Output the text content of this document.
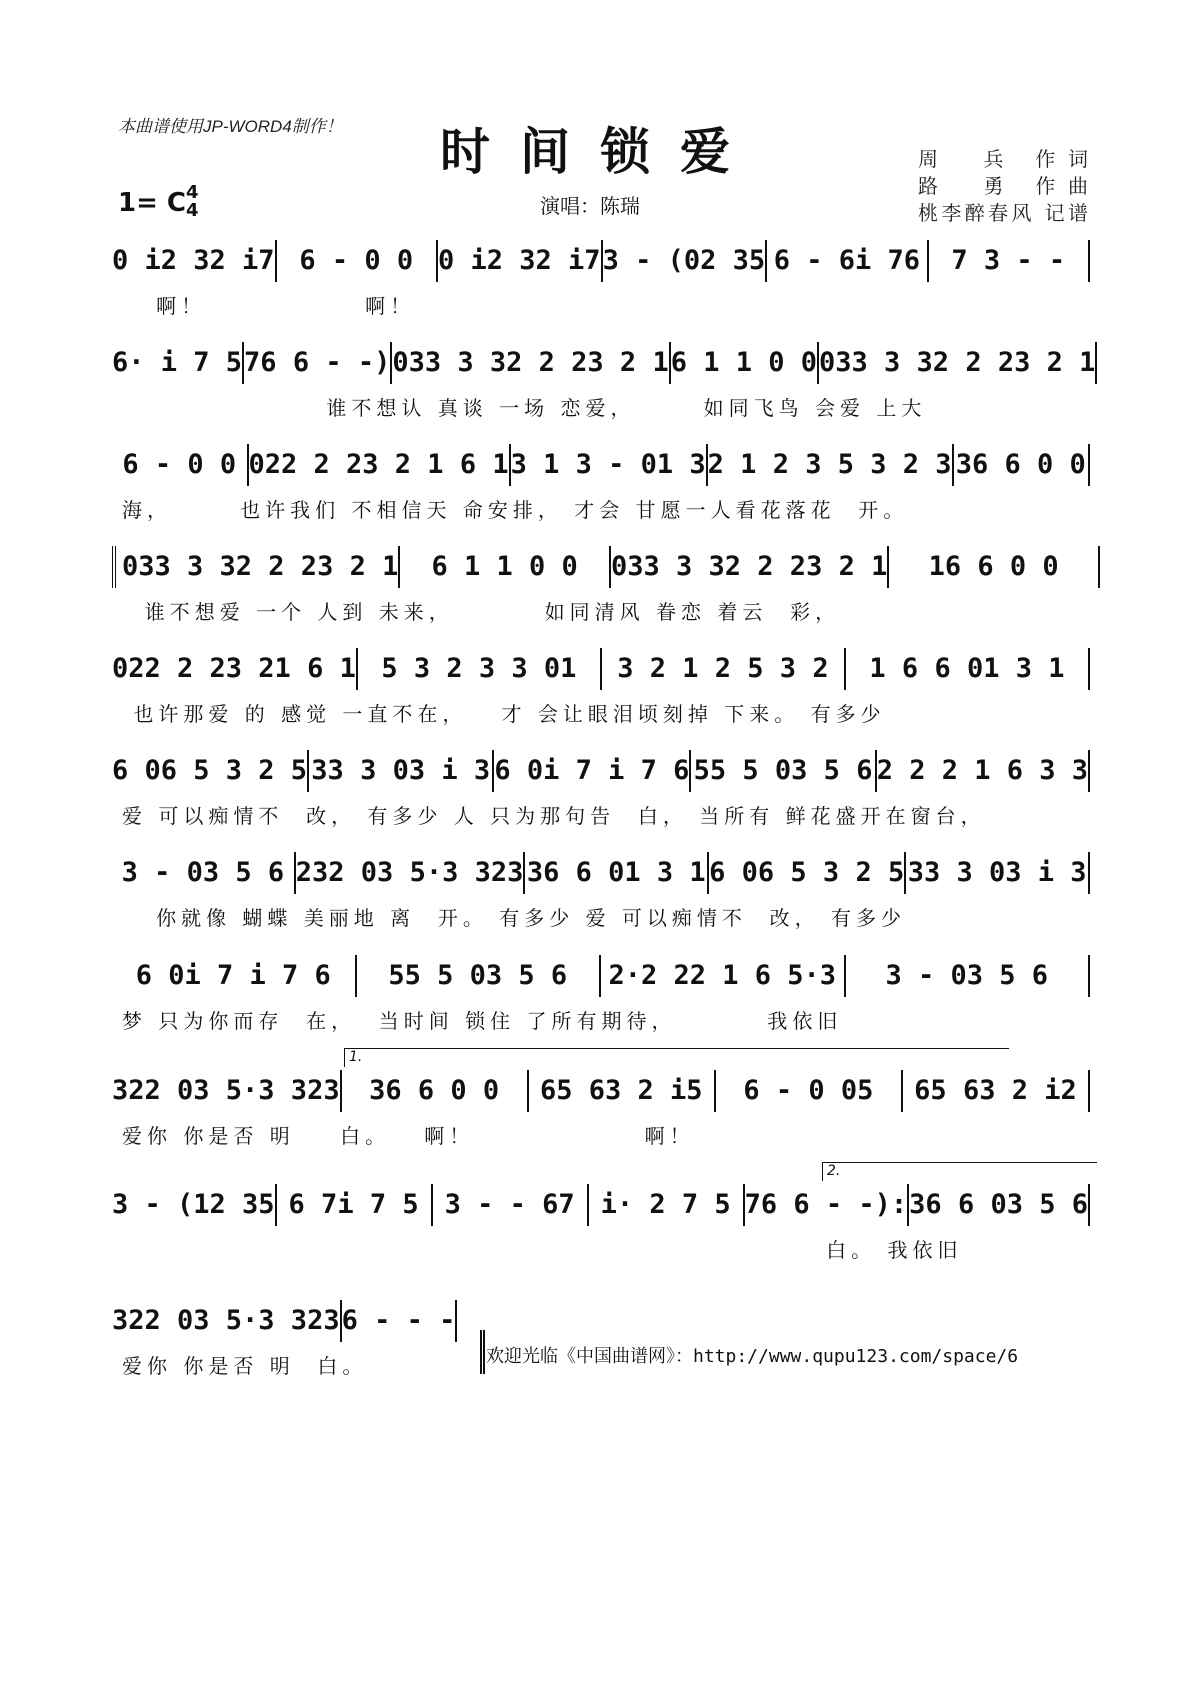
本曲谱使用JP-WORD4制作！	时间锁爱	周　兵 作词
路　勇 作曲
桃李醉春风 记谱
1= C 4
4	演唱：陈瑞
0 i2 32 i7 6 - 0 0 0 i2 32 i7 3 - (02 35 6 - 6i 76	7 3 - -
啊！              啊！
6· i 7 5 76 6 - -) 033 3 32 2 23 2 1 6 1 1 0 0 033 3 32 2 23 2 1
谁不想认 真谈 一场 恋爱，      如同飞鸟 会爱 上大
6 - 0 0 022 2 23 2 1 6 1 3 1 3 - 01 3 2 1 2 3 5 3 2 3 36 6 0 0
海，      也许我们 不相信天 命安排， 才会 甘愿一人看花落花  开。
033 3 32 2 23 2 1	6 1 1 0 0	033 3 32 2 23 2 1	16 6 0 0
谁不想爱 一个 人到 未来，        如同清风 眷恋 着云  彩，
022 2 23 21 6 1 5 3 2 3 3 01	3 2 1 2 5 3 2	1 6 6 01 3 1
也许那爱 的 感觉 一直不在，   才 会让眼泪顷刻掉 下来。 有多少
6 06 5 3 2 5 33 3 03 i 3 6 0i 7 i 7 6 55 5 03 5 6 2 2 2 1 6 3 3
爱 可以痴情不  改， 有多少 人 只为那句告  白， 当所有 鲜花盛开在窗台，
3 - 03 5 6 232 03 5·3 323 36 6 01 3 1 6 06 5 3 2 5 33 3 03 i 3
你就像 蝴蝶 美丽地 离  开。 有多少 爱 可以痴情不  改， 有多少
6 0i 7 i 7 6	55 5 03 5 6	2·2 22 1 6 5·3	3 - 03 5 6
梦 只为你而存  在，  当时间 锁住 了所有期待，        我依旧
322 03 5·3 323	36 6 0 0	65 63 2 i5	6 - 0 05	65 63 2 i2
1.
爱你 你是否 明    白。   啊！               啊！
3 - (12 35 6 7i 7 5 3 - - 67 i· 2 7 5 76 6 - -): 36 6 03 5 6
2.
白。 我依旧
322 03 5·3 323 6 - - -
爱你 你是否 明  白。	欢迎光临《中国曲谱网》：http://www.qupu123.com/space/6
